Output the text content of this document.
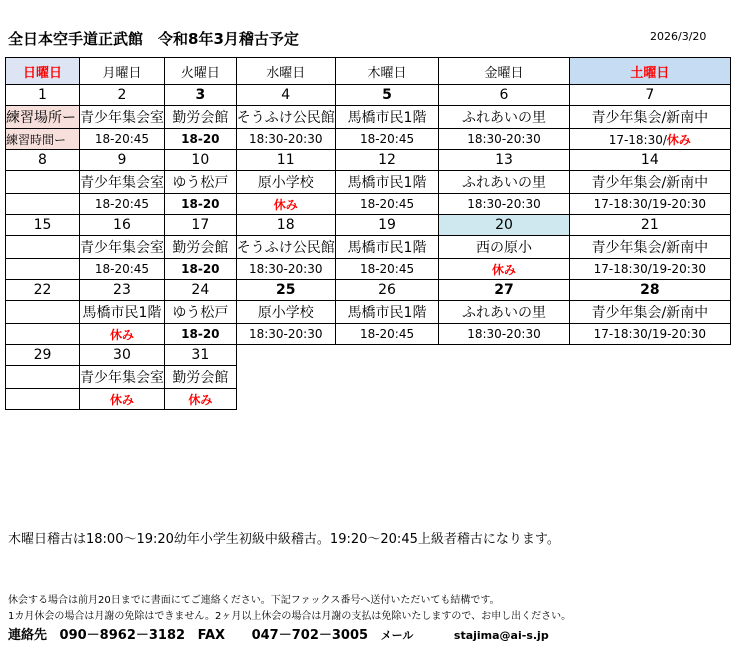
全日本空手道正武館　令和8年3月稽古予定	2026/3/20
日曜日	月曜日	火曜日	水曜日	木曜日	金曜日	土曜日
1	2	3	4	5	6	7
練習場所ー	青少年集会室	勤労会館	そうふけ公民館	馬橋市民1階	ふれあいの里	青少年集会/新南中
練習時間ー	18-20:45	18-20	18:30-20:30	18-20:45	18:30-20:30	17-18:30/休み
8	9	10	11	12	13	14
	青少年集会室	ゆう松戸	原小学校	馬橋市民1階	ふれあいの里	青少年集会/新南中
	18-20:45	18-20	休み	18-20:45	18:30-20:30	17-18:30/19-20:30
15	16	17	18	19	20	21
	青少年集会室	勤労会館	そうふけ公民館	馬橋市民1階	西の原小	青少年集会/新南中
	18-20:45	18-20	18:30-20:30	18-20:45	休み	17-18:30/19-20:30
22	23	24	25	26	27	28
	馬橋市民1階	ゆう松戸	原小学校	馬橋市民1階	ふれあいの里	青少年集会/新南中
	休み	18-20	18:30-20:30	18-20:45	18:30-20:30	17-18:30/19-20:30
29	30	31				
	青少年集会室	勤労会館				
	休み	休み				
木曜日稽古は18:00～19:20幼年小学生初級中級稽古。19:20～20:45上級者稽古になります。
休会する場合は前月20日までに書面にてご連絡ください。下記ファックス番号へ送付いただいても結構です。
1カ月休会の場合は月謝の免除はできません。2ヶ月以上休会の場合は月謝の支払は免除いたしますので、お申し出ください。
連絡先 090－8962－3182 FAX 047－702－3005 メール	stajima@ai-s.jp
